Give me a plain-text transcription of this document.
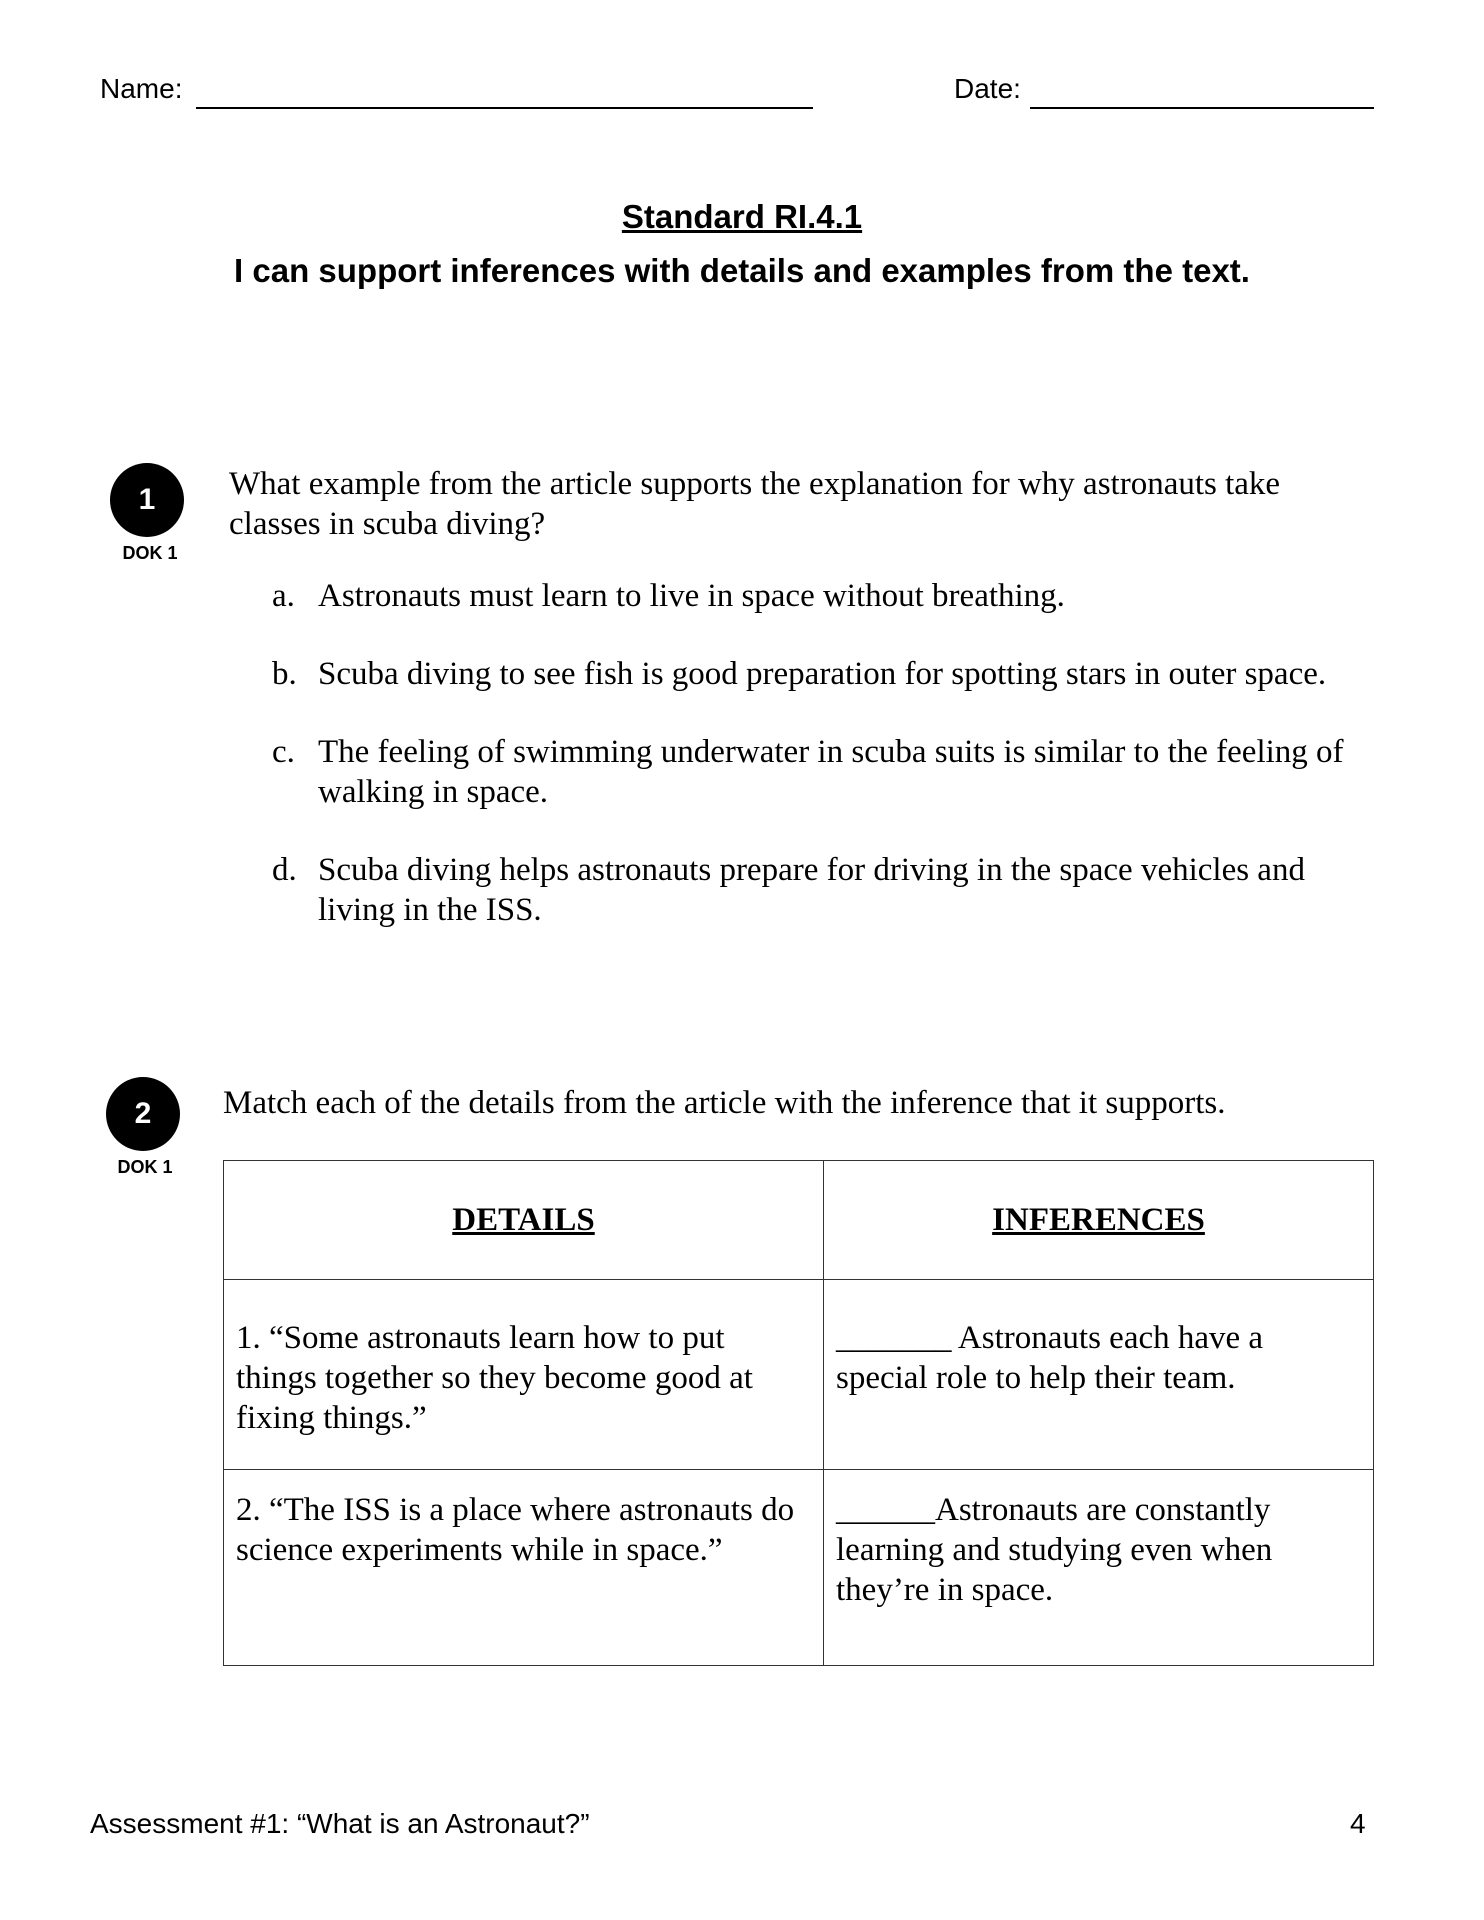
Name:	Date:
Standard RI.4.1
I can support inferences with details and examples from the text.
1
DOK 1
What example from the article supports the explanation for why astronauts take classes in scuba diving?
a. Astronauts must learn to live in space without breathing.
b. Scuba diving to see fish is good preparation for spotting stars in outer space.
c. The feeling of swimming underwater in scuba suits is similar to the feeling of walking in space.
d. Scuba diving helps astronauts prepare for driving in the space vehicles and living in the ISS.
2
DOK 1
Match each of the details from the article with the inference that it supports.
DETAILS	INFERENCES
1. “Some astronauts learn how to put things together so they become good at fixing things.”	_______ Astronauts each have a special role to help their team.
2. “The ISS is a place where astronauts do science experiments while in space.”	______Astronauts are constantly learning and studying even when they’re in space.
Assessment #1: “What is an Astronaut?”	4
